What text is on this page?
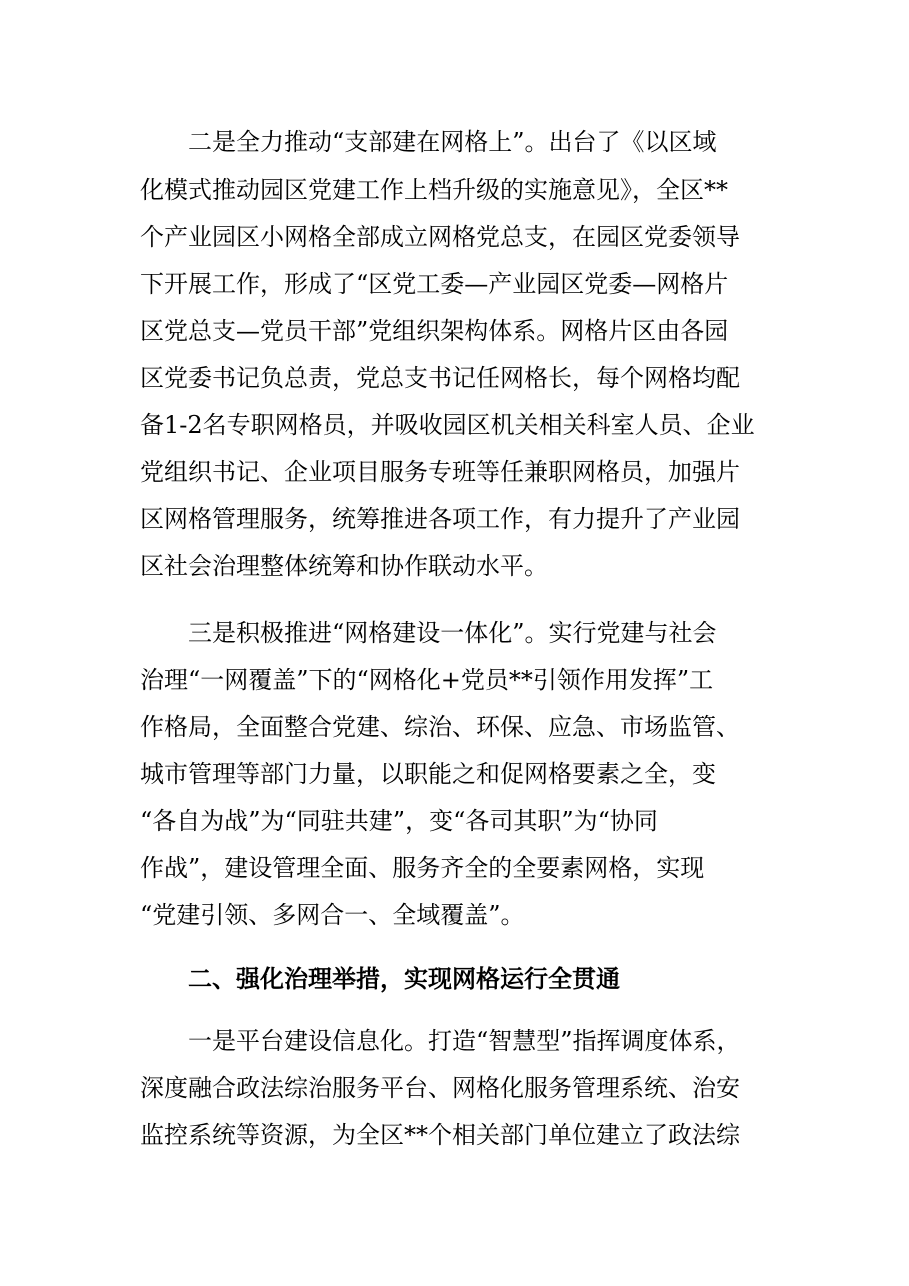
二是全力推动“支部建在网格上”。出台了《以区域
化模式推动园区党建工作上档升级的实施意见》，全区**
个产业园区小网格全部成立网格党总支，在园区党委领导
下开展工作，形成了“区党工委—产业园区党委—网格片
区党总支—党员干部”党组织架构体系。网格片区由各园
区党委书记负总责，党总支书记任网格长，每个网格均配
备1-2名专职网格员，并吸收园区机关相关科室人员、企业
党组织书记、企业项目服务专班等任兼职网格员，加强片
区网格管理服务，统筹推进各项工作，有力提升了产业园
区社会治理整体统筹和协作联动水平。
三是积极推进“网格建设一体化”。实行党建与社会
治理“一网覆盖”下的“网格化+党员**引领作用发挥”工
作格局，全面整合党建、综治、环保、应急、市场监管、
城市管理等部门力量，以职能之和促网格要素之全，变
“各自为战”为“同驻共建”，变“各司其职”为“协同
作战”，建设管理全面、服务齐全的全要素网格，实现
“党建引领、多网合一、全域覆盖”。
二、强化治理举措，实现网格运行全贯通
一是平台建设信息化。打造“智慧型”指挥调度体系，
深度融合政法综治服务平台、网格化服务管理系统、治安
监控系统等资源，为全区**个相关部门单位建立了政法综
